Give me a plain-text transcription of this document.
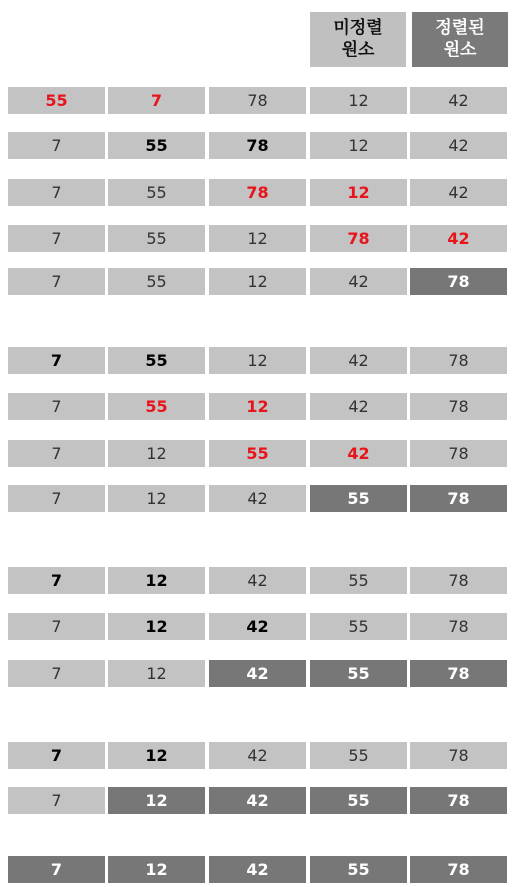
미정렬
원소
정렬된
원소
55	7	78	12	42
7	55	78	12	42
7	55	78	12	42
7	55	12	78	42
7	55	12	42	78
7	55	12	42	78
7	55	12	42	78
7	12	55	42	78
7	12	42	55	78
7	12	42	55	78
7	12	42	55	78
7	12	42	55	78
7	12	42	55	78
7	12	42	55	78
7	12	42	55	78
